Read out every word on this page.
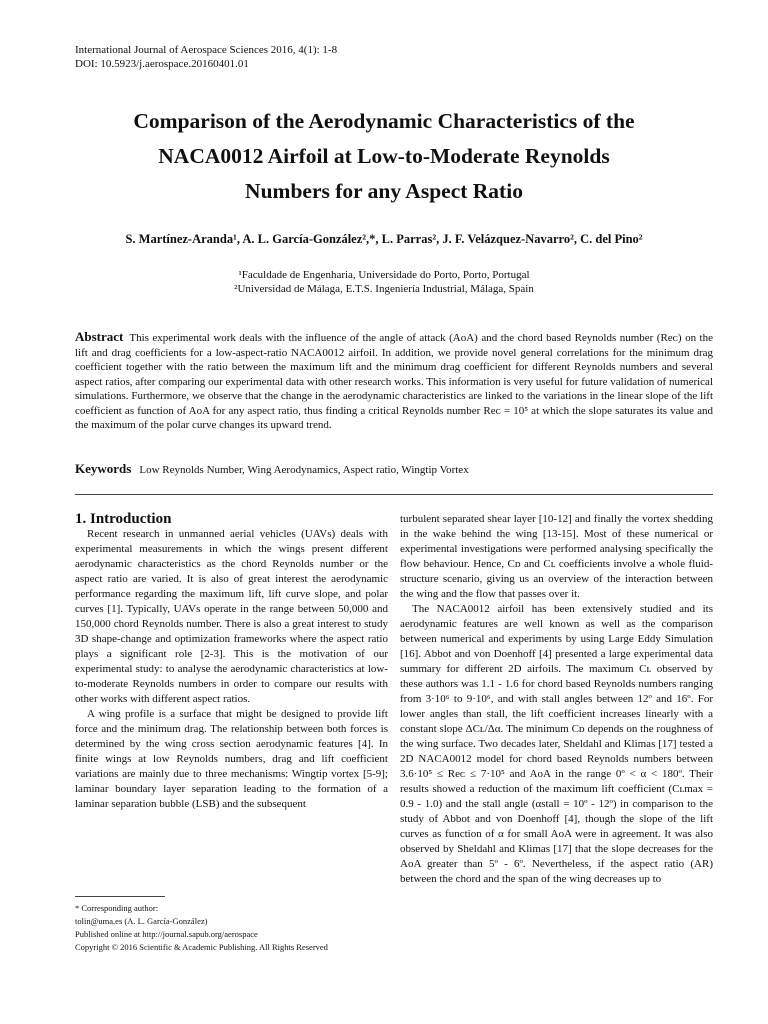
International Journal of Aerospace Sciences 2016, 4(1): 1-8
DOI: 10.5923/j.aerospace.20160401.01
Comparison of the Aerodynamic Characteristics of the
NACA0012 Airfoil at Low-to-Moderate Reynolds
Numbers for any Aspect Ratio
S. Martínez-Aranda¹, A. L. García-González²,*, L. Parras², J. F. Velázquez-Navarro², C. del Pino²
¹Faculdade de Engenharia, Universidade do Porto, Porto, Portugal
²Universidad de Málaga, E.T.S. Ingeniería Industrial, Málaga, Spain
Abstract This experimental work deals with the influence of the angle of attack (AoA) and the chord based Reynolds number (Reᴄ) on the lift and drag coefficients for a low-aspect-ratio NACA0012 airfoil. In addition, we provide novel general correlations for the minimum drag coefficient together with the ratio between the maximum lift and the minimum drag coefficient for different Reynolds numbers and several aspect ratios, after comparing our experimental data with other research works. This information is very useful for future validation of numerical simulations. Furthermore, we observe that the change in the aerodynamic characteristics are linked to the variations in the linear slope of the lift coefficient as function of AoA for any aspect ratio, thus finding a critical Reynolds number Reᴄ = 10⁵ at which the slope saturates its value and the maximum of the polar curve changes its upward trend.
Keywords Low Reynolds Number, Wing Aerodynamics, Aspect ratio, Wingtip Vortex

1. Introduction

Recent research in unmanned aerial vehicles (UAVs) deals with experimental measurements in which the wings present different aerodynamic characteristics as the chord Reynolds number or the aspect ratio are varied. It is also of great interest the aerodynamic performance regarding the maximum lift, lift curve slope, and polar curves [1]. Typically, UAVs operate in the range between 50,000 and 150,000 chord Reynolds number. There is also a great interest to study 3D shape-change and optimization frameworks where the aspect ratio plays a significant role [2-3]. This is the motivation of our experimental study: to analyse the aerodynamic characteristics at low-to-moderate Reynolds numbers in order to compare our results with other works with different aspect ratios.

A wing profile is a surface that might be designed to provide lift force and the minimum drag. The relationship between both forces is determined by the wing cross section aerodynamic features [4]. In finite wings at low Reynolds numbers, drag and lift coefficient variations are mainly due to three mechanisms: Wingtip vortex [5-9]; laminar boundary layer separation leading to the formation of a laminar separation bubble (LSB) and the subsequent

turbulent separated shear layer [10-12] and finally the vortex shedding in the wake behind the wing [13-15]. Most of these numerical or experimental investigations were performed analysing specifically the flow behaviour. Hence, Cᴅ and Cʟ coefficients involve a whole fluid-structure scenario, giving us an overview of the interaction between the wing and the flow that passes over it.

The NACA0012 airfoil has been extensively studied and its aerodynamic features are well known as well as the comparison between numerical and experiments by using Large Eddy Simulation [16]. Abbot and von Doenhoff [4] presented a large experimental data summary for different 2D airfoils. The maximum Cʟ observed by these authors was 1.1 - 1.6 for chord based Reynolds numbers ranging from 3·10⁶ to 9·10⁶, and with stall angles between 12º and 16º. For lower angles than stall, the lift coefficient increases linearly with a constant slope ΔCʟ/Δα. The minimum Cᴅ depends on the roughness of the wing surface. Two decades later, Sheldahl and Klimas [17] tested a 2D NACA0012 model for chord based Reynolds numbers between 3.6·10⁵ ≤ Reᴄ ≤ 7·10⁵ and AoA in the range 0º < α < 180º. Their results showed a reduction of the maximum lift coefficient (Cʟmax = 0.9 - 1.0) and the stall angle (αstall = 10º - 12º) in comparison to the study of Abbot and von Doenhoff [4], though the slope of the lift curves as function of α for small AoA were in agreement. It was also observed by Sheldahl and Klimas [17] that the slope decreases for the AoA greater than 5º - 6º. Nevertheless, if the aspect ratio (AR) between the chord and the span of the wing decreases up to

* Corresponding author:
tolin@uma.es (A. L. García-González)
Published online at http://journal.sapub.org/aerospace
Copyright © 2016 Scientific & Academic Publishing. All Rights Reserved
